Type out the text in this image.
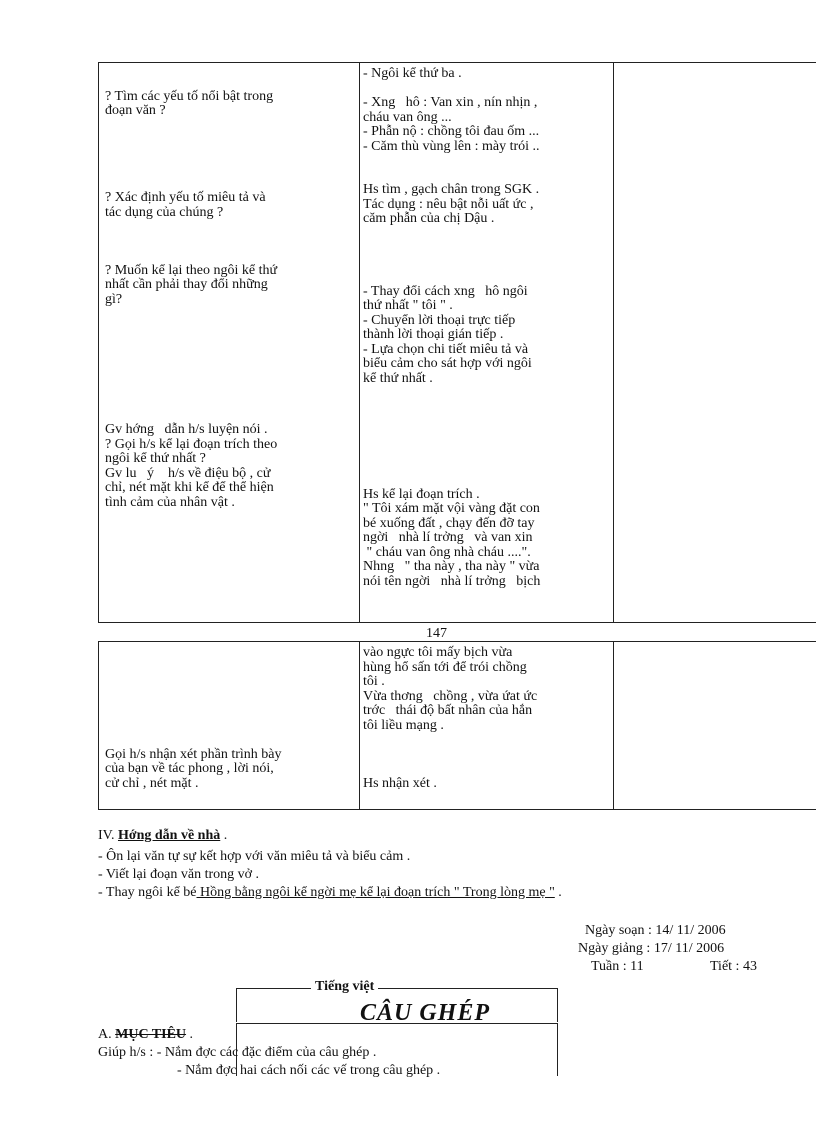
? Tìm các yếu tố nổi bật trong
đoạn văn ?
? Xác định yếu tố miêu tả và
tác dụng của chúng ?
? Muốn kể lại theo ngôi kể thứ
nhất cần phải thay đổi những
gì?
Gv hớng   dẫn h/s luyện nói .
? Gọi h/s kể lại đoạn trích theo
ngôi kể thứ nhất ?
Gv lu   ý    h/s về điệu bộ , cử
chỉ, nét mặt khi kể để thể hiện
tình cảm của nhân vật .
- Ngôi kể thứ ba .
- Xng   hô : Van xin , nín nhịn ,
cháu van ông ...
- Phẫn nộ : chồng tôi đau ốm ...
- Căm thù vùng lên : mày trói ..
Hs tìm , gạch chân trong SGK .
Tác dụng : nêu bật nỗi uất ức ,
căm phẫn của chị Dậu .
- Thay đổi cách xng   hô ngôi
thứ nhất " tôi " .
- Chuyển lời thoại trực tiếp
thành lời thoại gián tiếp .
- Lựa chọn chi tiết miêu tả và
biểu cảm cho sát hợp với ngôi
kể thứ nhất .
Hs kể lại đoạn trích .
" Tôi xám mặt vội vàng đặt con
bé xuống đất , chạy đến đỡ tay
ngời   nhà lí trởng   và van xin
" cháu van ông nhà cháu ....".
Nhng   " tha này , tha này " vừa
nói tên ngời   nhà lí trởng   bịch
147
Gọi h/s nhận xét phần trình bày
của bạn về tác phong , lời nói,
cử chỉ , nét mặt .
vào ngực tôi mấy bịch vừa
hùng hổ sấn tới để trói chồng
tôi .
Vừa thơng   chồng , vừa ứat ức
trớc   thái độ bất nhân của hắn
tôi liều mạng .
Hs nhận xét .
IV. Hớng dẫn về nhà .
- Ôn lại văn tự sự kết hợp với văn miêu tả và biểu cảm .
- Viết lại đoạn văn trong vở .
- Thay ngôi kể bé Hồng bằng ngôi kể ngời mẹ kể lại đoạn trích " Trong lòng mẹ " .
Ngày soạn : 14/ 11/ 2006
Ngày giảng : 17/ 11/ 2006
Tuần : 11	Tiết : 43
Tiếng việt
CÂU GHÉP
A. MỤC TIÊU .
Giúp h/s : - Nắm đợc các đặc điểm của câu ghép .
- Nắm đợc hai cách nối các vế trong câu ghép .
